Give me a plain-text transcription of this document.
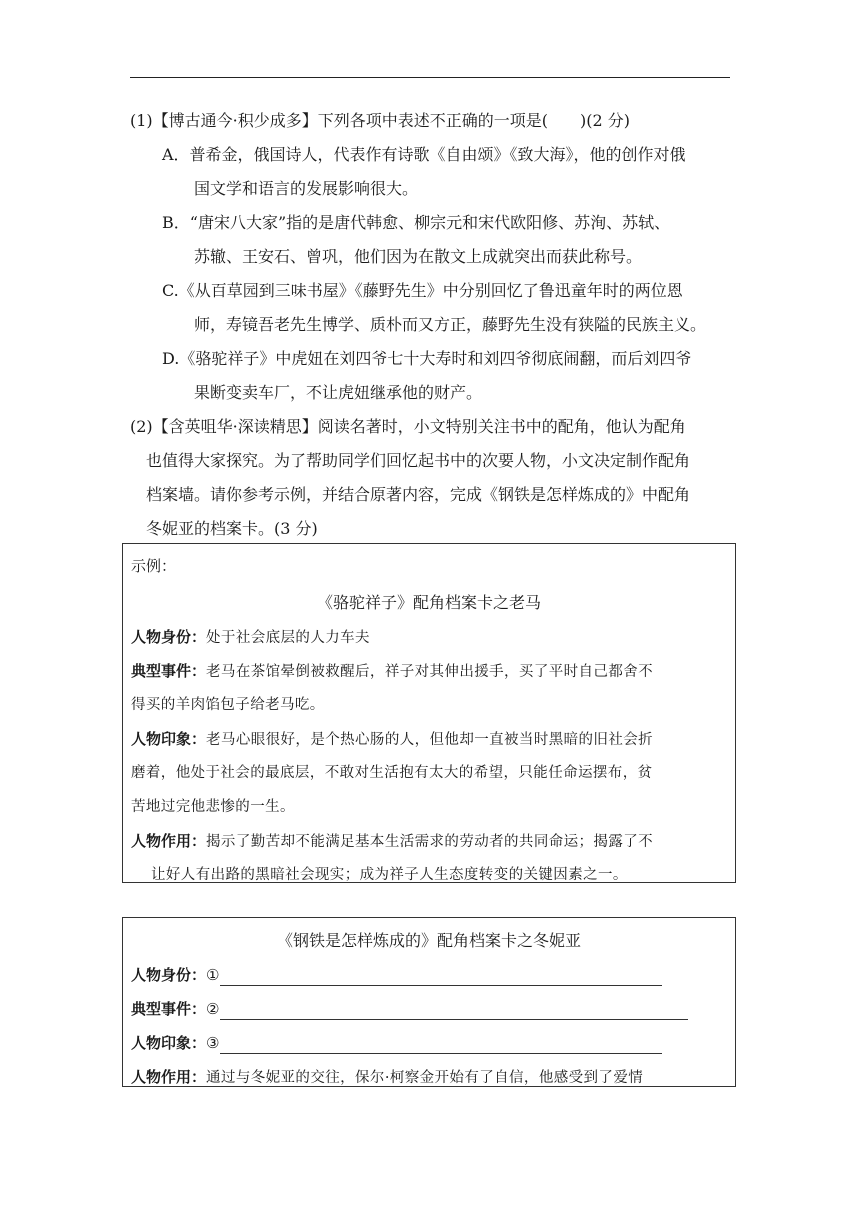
(1)【博古通今·积少成多】下列各项中表述不正确的一项是(　　)(2 分)
A．普希金，俄国诗人，代表作有诗歌《自由颂》《致大海》，他的创作对俄
国文学和语言的发展影响很大。
B．“唐宋八大家”指的是唐代韩愈、柳宗元和宋代欧阳修、苏洵、苏轼、
苏辙、王安石、曾巩，他们因为在散文上成就突出而获此称号。
C.《从百草园到三味书屋》《藤野先生》中分别回忆了鲁迅童年时的两位恩
师，寿镜吾老先生博学、质朴而又方正，藤野先生没有狭隘的民族主义。
D.《骆驼祥子》中虎妞在刘四爷七十大寿时和刘四爷彻底闹翻，而后刘四爷
果断变卖车厂，不让虎妞继承他的财产。
(2)【含英咀华·深读精思】阅读名著时，小文特别关注书中的配角，他认为配角
也值得大家探究。为了帮助同学们回忆起书中的次要人物，小文决定制作配角
档案墙。请你参考示例，并结合原著内容，完成《钢铁是怎样炼成的》中配角
冬妮亚的档案卡。(3 分)
示例：
《骆驼祥子》配角档案卡之老马
人物身份：处于社会底层的人力车夫
典型事件：老马在茶馆晕倒被救醒后，祥子对其伸出援手，买了平时自己都舍不
得买的羊肉馅包子给老马吃。
人物印象：老马心眼很好，是个热心肠的人，但他却一直被当时黑暗的旧社会折
磨着，他处于社会的最底层，不敢对生活抱有太大的希望，只能任命运摆布，贫
苦地过完他悲惨的一生。
人物作用：揭示了勤苦却不能满足基本生活需求的劳动者的共同命运；揭露了不
让好人有出路的黑暗社会现实；成为祥子人生态度转变的关键因素之一。
《钢铁是怎样炼成的》配角档案卡之冬妮亚
人物身份：①
典型事件：②
人物印象：③
人物作用：通过与冬妮亚的交往，保尔·柯察金开始有了自信，他感受到了爱情
